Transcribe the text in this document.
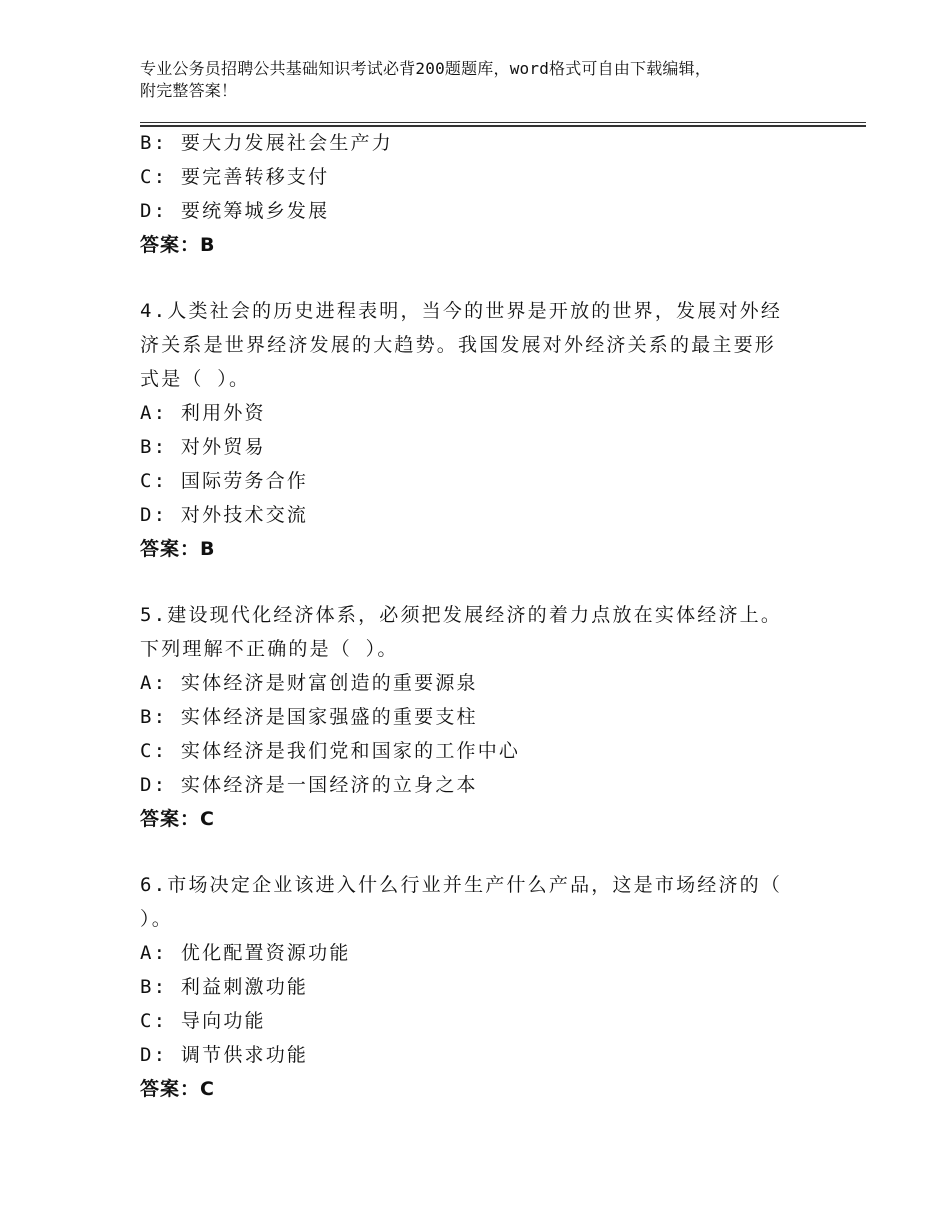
专业公务员招聘公共基础知识考试必背200题题库，word格式可自由下载编辑，
附完整答案！
B: 要大力发展社会生产力
C: 要完善转移支付
D: 要统筹城乡发展
答案：B
4.人类社会的历史进程表明，当今的世界是开放的世界，发展对外经
济关系是世界经济发展的大趋势。我国发展对外经济关系的最主要形
式是（ ）。
A: 利用外资
B: 对外贸易
C: 国际劳务合作
D: 对外技术交流
答案：B
5.建设现代化经济体系，必须把发展经济的着力点放在实体经济上。
下列理解不正确的是（ ）。
A: 实体经济是财富创造的重要源泉
B: 实体经济是国家强盛的重要支柱
C: 实体经济是我们党和国家的工作中心
D: 实体经济是一国经济的立身之本
答案：C
6.市场决定企业该进入什么行业并生产什么产品，这是市场经济的（
）。
A: 优化配置资源功能
B: 利益刺激功能
C: 导向功能
D: 调节供求功能
答案：C
